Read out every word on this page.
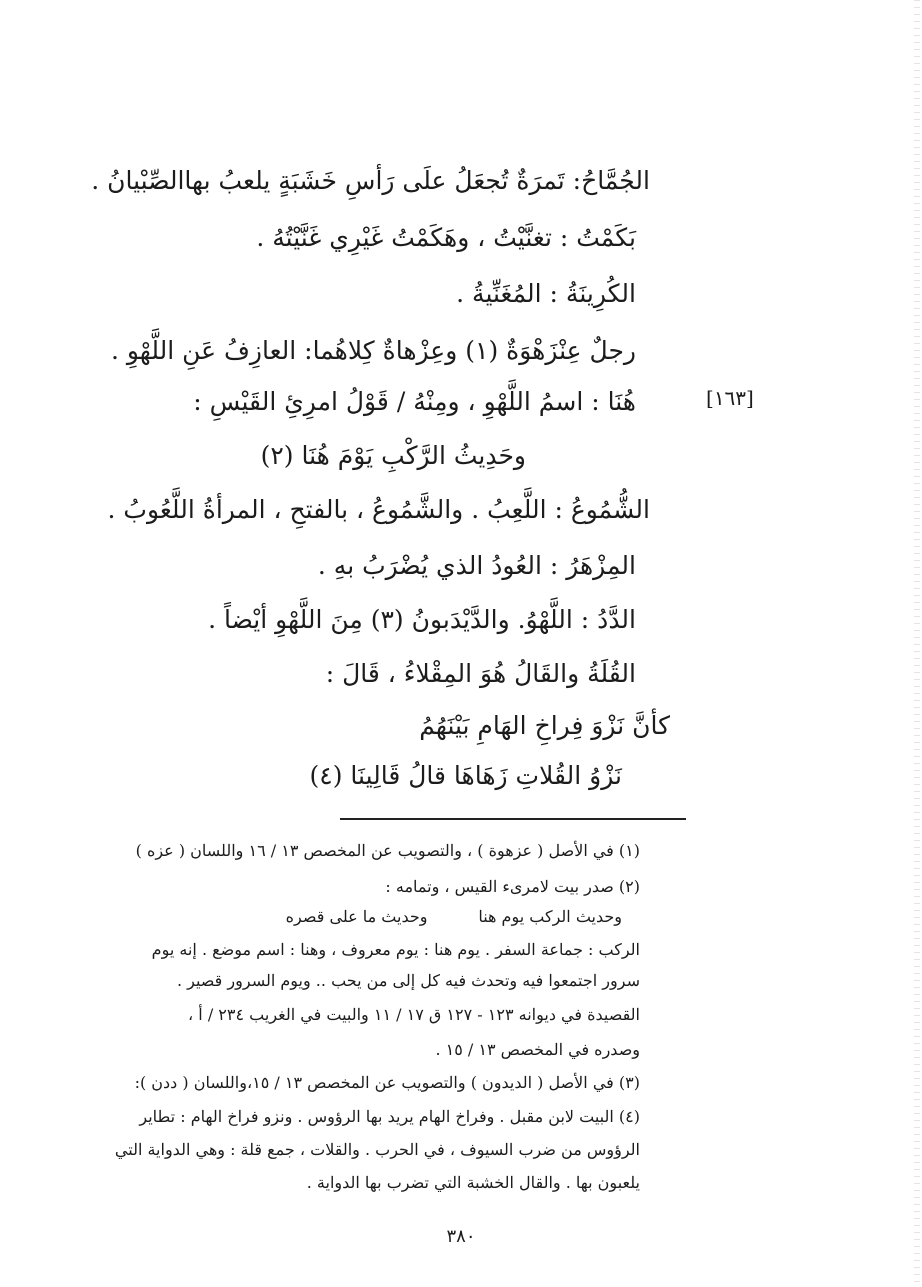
الجُمَّاحُ: تَمرَةٌ تُجعَلُ علَى رَأسِ خَشَبَةٍ يلعبُ بهاالصِّبْيانُ .
بَكَمْتُ : تغنَّيْتُ ، وهَكَمْتُ غَيْرِي غَنَّيْتُهُ .
الكُرِينَةُ : المُغَنِّيةُ .
رجلٌ عِنْزَهْوَةٌ (١) وعِزْهاةٌ كِلاهُما: العازِفُ عَنِ اللَّهْوِ .
هُنَا : اسمُ اللَّهْوِ ، ومِنْهُ / قَوْلُ امرِئِ القَيْسِ :	[١٦٣]
وحَدِيثُ الرَّكْبِ يَوْمَ هُنَا (٢)
الشُّمُوعُ : اللَّعِبُ . والشَّمُوعُ ، بالفتحِ ، المرأةُ اللَّعُوبُ .
المِزْهَرُ : العُودُ الذي يُضْرَبُ بهِ .
الدَّدُ : اللَّهْوُ. والدَّيْدَبونُ (٣) مِنَ اللَّهْوِ أيْضاً .
القُلَةُ والقَالُ هُوَ المِقْلاءُ ، قَالَ :
كأنَّ نَزْوَ فِراخِ الهَامِ بَيْنَهُمُ
نَزْوُ القُلاتِ زَهَاهَا قالُ قَالِينَا (٤)
(١) في الأصل ( عزهوة ) ، والتصويب عن المخصص ١٣ / ١٦ واللسان ( عزه )
(٢) صدر بيت لامرىء القيس ، وتمامه :
وحديث الركب يوم هنا          وحديث ما على قصره
الركب : جماعة السفر . يوم هنا : يوم معروف ، وهنا : اسم موضع . إنه يوم
سرور اجتمعوا فيه وتحدث فيه كل إلى من يحب .. ويوم السرور قصير .
القصيدة في ديوانه ١٢٣ - ١٢٧ ق ١٧ / ١١ والبيت في الغريب ٢٣٤ / أ ،
وصدره في المخصص ١٣ / ١٥ .
(٣) في الأصل ( الديدون ) والتصويب عن المخصص ١٣ / ١٥،واللسان ( ددن ):
(٤) البيت لابن مقبل . وفراخ الهام يريد بها الرؤوس . ونزو فراخ الهام : تطاير
الرؤوس من ضرب السيوف ، في الحرب . والقلات ، جمع قلة : وهي الدواية التي
يلعبون بها . والقال الخشبة التي تضرب بها الدواية .
٣٨٠
